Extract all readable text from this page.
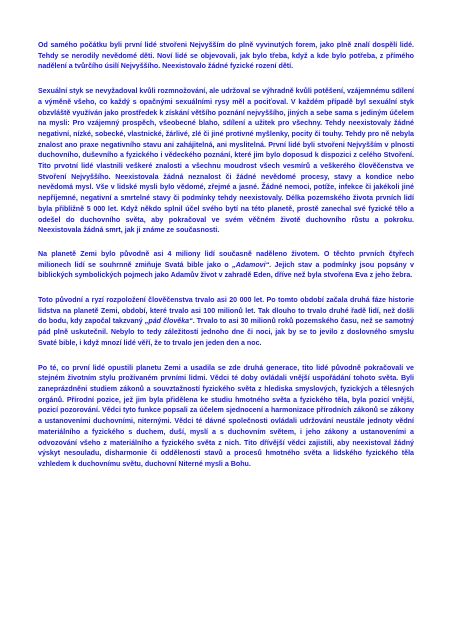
Od samého počátku byli první lidé stvořeni Nejvyšším do plně vyvinutých forem, jako plně znalí dospělí lidé. Tehdy se nerodily nevědomé děti. Noví lidé se objevovali, jak bylo třeba, když a kde bylo potřeba, z přímého nadělení a tvůrčího úsilí Nejvyššího. Neexistovalo žádné fyzické rození dětí.

Sexuální styk se nevyžadoval kvůli rozmnožování, ale udržoval se výhradně kvůli potěšení, vzájemnému sdílení a výměně všeho, co každý s opačnými sexuálními rysy měl a pociťoval. V každém případě byl sexuální styk obzvláště využíván jako prostředek k získání většího poznání nejvyššího, jiných a sebe sama s jediným účelem na mysli: Pro vzájemný prospěch, všeobecné blaho, sdílení a užitek pro všechny. Tehdy neexistovaly žádné negativní, nízké, sobecké, vlastnické, žárlivé, zlé či jiné protivné myšlenky, pocity či touhy. Tehdy pro ně nebyla znalost ano praxe negativního stavu ani zahájitelná, ani myslitelná. První lidé byli stvořeni Nejvyšším v plnosti duchovního, duševního a fyzického i vědeckého poznání, které jim bylo doposud k dispozici z celého Stvoření. Tito prvotní lidé vlastnili veškeré znalosti a všechnu moudrost všech vesmírů a veškerého člověčenstva ve Stvoření Nejvyššího. Neexistovala žádná neznalost či žádné nevědomé procesy, stavy a kondice nebo nevědomá mysl. Vše v lidské mysli bylo vědomé, zřejmé a jasné. Žádné nemoci, potíže, infekce či jakékoli jiné nepříjemné, negativní a smrtelné stavy či podmínky tehdy neexistovaly. Délka pozemského života prvních lidí byla přibližně 5 000 let. Když někdo splnil účel svého bytí na této planetě, prostě zanechal své fyzické tělo a odešel do duchovního světa, aby pokračoval ve svém věčném životě duchovního růstu a pokroku. Neexistovala žádná smrt, jak ji známe ze současnosti.

Na planetě Zemi bylo původně asi 4 miliony lidí současně naděleno životem. O těchto prvních čtyřech milionech lidí se souhrnně zmiňuje Svatá bible jako o „Adamovi“. Jejich stav a podmínky jsou popsány v biblických symbolických pojmech jako Adamův život v zahradě Eden, dříve než byla stvořena Eva z jeho žebra.

Toto původní a ryzí rozpoložení člověčenstva trvalo asi 20 000 let. Po tomto období začala druhá fáze historie lidstva na planetě Zemi, období, které trvalo asi 100 milionů let. Tak dlouho to trvalo druhé řadě lidí, než došli do bodu, kdy započal takzvaný „pád člověka“. Trvalo to asi 30 milionů roků pozemského času, než se samotný pád plně uskutečnil. Nebylo to tedy záležitostí jednoho dne či noci, jak by se to jevilo z doslovného smyslu Svaté bible, i když mnozí lidé věří, že to trvalo jen jeden den a noc.

Po té, co první lidé opustili planetu Zemi a usadila se zde druhá generace, tito lidé původně pokračovali ve stejném životním stylu prožívaném prvními lidmi. Vědci té doby ovládali vnější uspořádání tohoto světa. Byli zaneprázdněni studiem zákonů a souvztažností fyzického světa z hlediska smyslových, fyzických a tělesných orgánů. Přírodní pozice, jež jim byla přidělena ke studiu hmotného světa a fyzického těla, byla pozicí vnější, pozicí pozorování. Vědci tyto funkce popsali za účelem sjednocení a harmonizace přírodních zákonů se zákony a ustanoveními duchovními, niternými. Vědci té dávné společnosti ovládali udržování neustále jednoty vědní materiálního a fyzického s duchem, duší, myslí a s duchovním světem, i jeho zákony a ustanoveními a odvozování všeho z materiálního a fyzického světa z nich. Tito dřívější vědci zajistili, aby neexistoval žádný výskyt nesouladu, disharmonie či oddělenosti stavů a procesů hmotného světa a lidského fyzického těla vzhledem k duchovnímu světu, duchovní Niterné mysli a Bohu.
